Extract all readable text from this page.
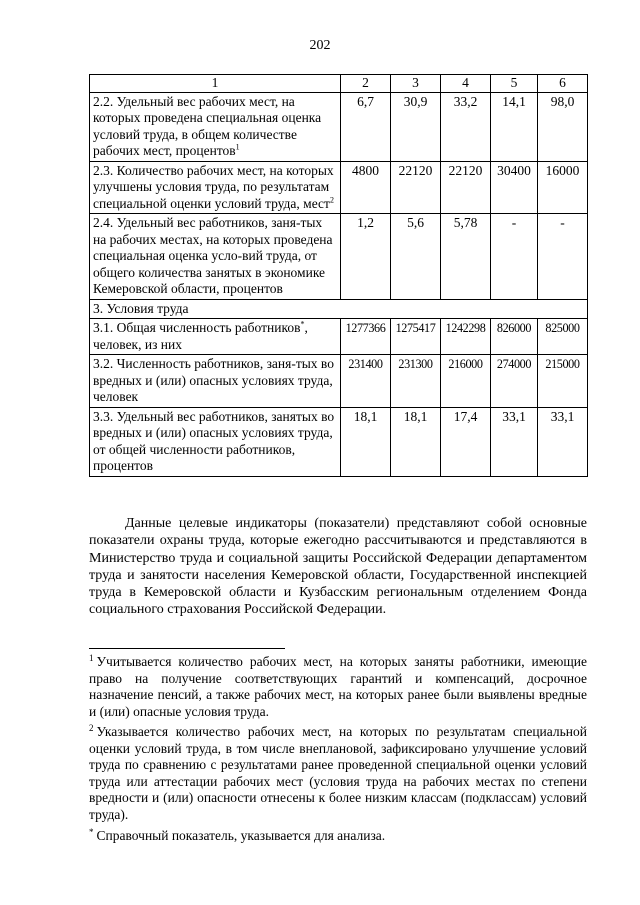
202
1	2	3	4	5	6
2.2. Удельный вес рабочих мест, на которых проведена специальная оценка условий труда, в общем количестве рабочих мест, процентов$^1$	6,7	30,9	33,2	14,1	98,0
2.3. Количество рабочих мест, на которых улучшены условия труда, по результатам специальной оценки условий труда, мест$^2$	4800	22120	22120	30400	16000
2.4. Удельный вес работников, заня-тых на рабочих местах, на которых проведена специальная оценка усло-вий труда, от общего количества занятых в экономике Кемеровской области, процентов	1,2	5,6	5,78	-	-
3. Условия труда					
3.1. Общая численность работников*, человек, из них	1277366	1275417	1242298	826000	825000
3.2. Численность работников, заня-тых во вредных и (или) опасных условиях труда, человек	231400	231300	216000	274000	215000
3.3. Удельный вес работников, занятых во вредных и (или) опасных условиях труда, от общей численности работников, процентов	18,1	18,1	17,4	33,1	33,1

Данные целевые индикаторы (показатели) представляют собой основные показатели охраны труда, которые ежегодно рассчитываются и представляются в Министерство труда и социальной защиты Российской Федерации департаментом труда и занятости населения Кемеровской области, Государственной инспекцией труда в Кемеровской области и Кузбасским региональным отделением Фонда социального страхования Российской Федерации.

$^1$ Учитывается количество рабочих мест, на которых заняты работники, имеющие право на получение соответствующих гарантий и компенсаций, досрочное назначение пенсий, а также рабочих мест, на которых ранее были выявлены вредные и (или) опасные условия труда.

$^2$ Указывается количество рабочих мест, на которых по результатам специальной оценки условий труда, в том числе внеплановой, зафиксировано улучшение условий труда по сравнению с результатами ранее проведенной специальной оценки условий труда или аттестации рабочих мест (условия труда на рабочих местах по степени вредности и (или) опасности отнесены к более низким классам (подклассам) условий труда).

* Справочный показатель, указывается для анализа.
